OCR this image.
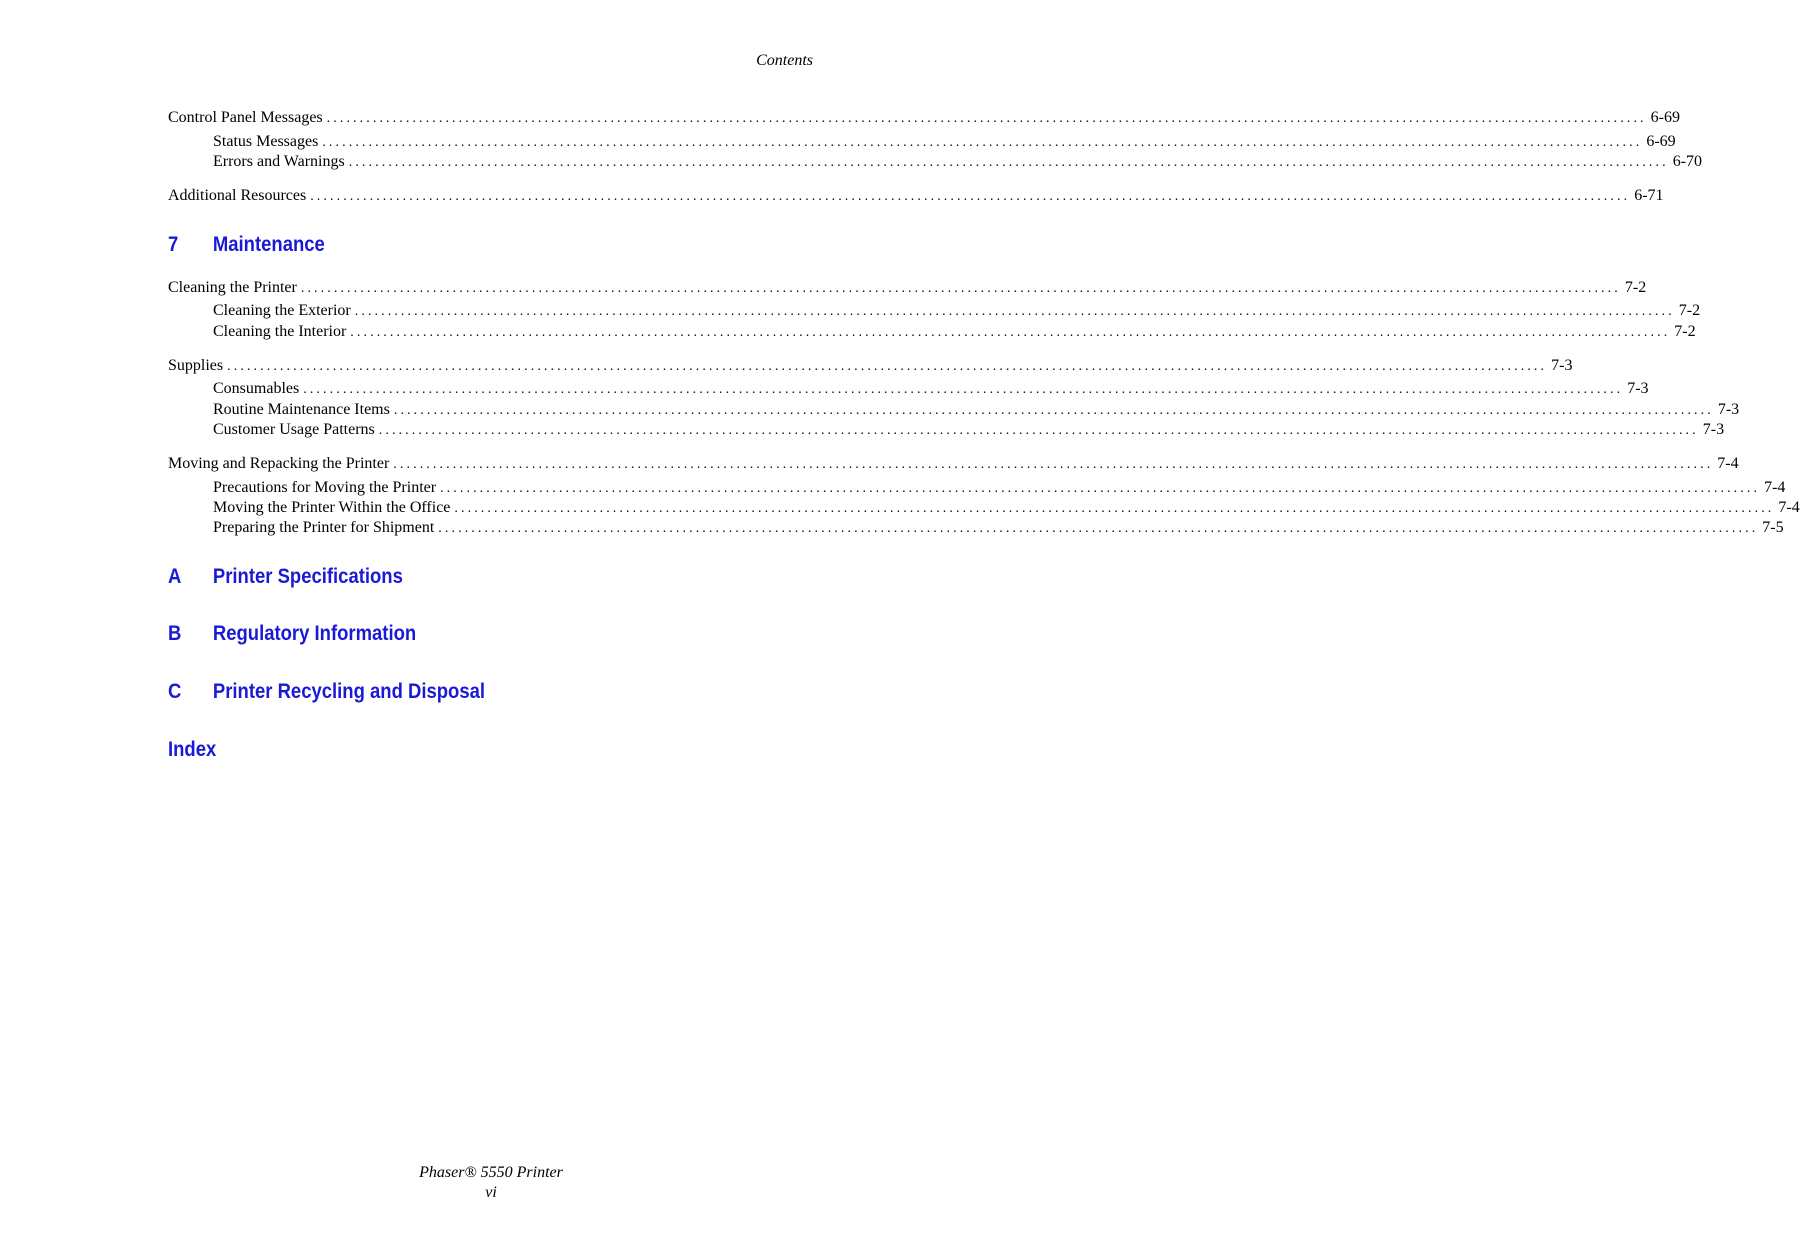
Contents
Control Panel Messages ........................................................................................................................................................................................................ 6-69
Status Messages ........................................................................................................................................................................................................ 6-69
Errors and Warnings ........................................................................................................................................................................................................ 6-70
Additional Resources ........................................................................................................................................................................................................ 6-71
7	Maintenance
Cleaning the Printer ........................................................................................................................................................................................................ 7-2
Cleaning the Exterior ........................................................................................................................................................................................................ 7-2
Cleaning the Interior ........................................................................................................................................................................................................ 7-2
Supplies ........................................................................................................................................................................................................ 7-3
Consumables ........................................................................................................................................................................................................ 7-3
Routine Maintenance Items ........................................................................................................................................................................................................ 7-3
Customer Usage Patterns ........................................................................................................................................................................................................ 7-3
Moving and Repacking the Printer ........................................................................................................................................................................................................ 7-4
Precautions for Moving the Printer ........................................................................................................................................................................................................ 7-4
Moving the Printer Within the Office ........................................................................................................................................................................................................ 7-4
Preparing the Printer for Shipment ........................................................................................................................................................................................................ 7-5
A	Printer Specifications
B	Regulatory Information
C	Printer Recycling and Disposal
Index
Phaser® 5550 Printer
vi
